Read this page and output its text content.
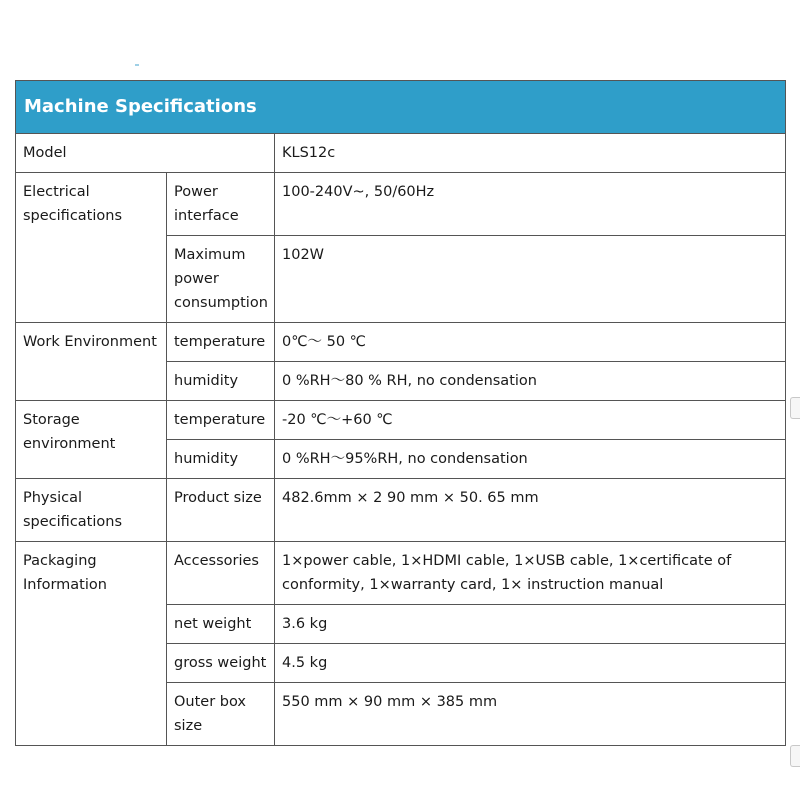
Machine Specifications		
Model		KLS12c
Electrical specifications	Power interface	100-240V~, 50/60Hz
	Maximum power consumption	102W
Work Environment	temperature	0℃～ 50 ℃
	humidity	0 %RH～80 % RH, no condensation
Storage environment	temperature	-20 ℃～+60 ℃
	humidity	0 %RH～95%RH, no condensation
Physical specifications	Product size	482.6mm × 2 90 mm × 50. 65 mm
Packaging Information	Accessories	1×power cable, 1×HDMI cable, 1×USB cable, 1×certificate of conformity, 1×warranty card, 1× instruction manual
	net weight	3.6 kg
	gross weight	4.5 kg
	Outer box size	550 mm × 90 mm × 385 mm
